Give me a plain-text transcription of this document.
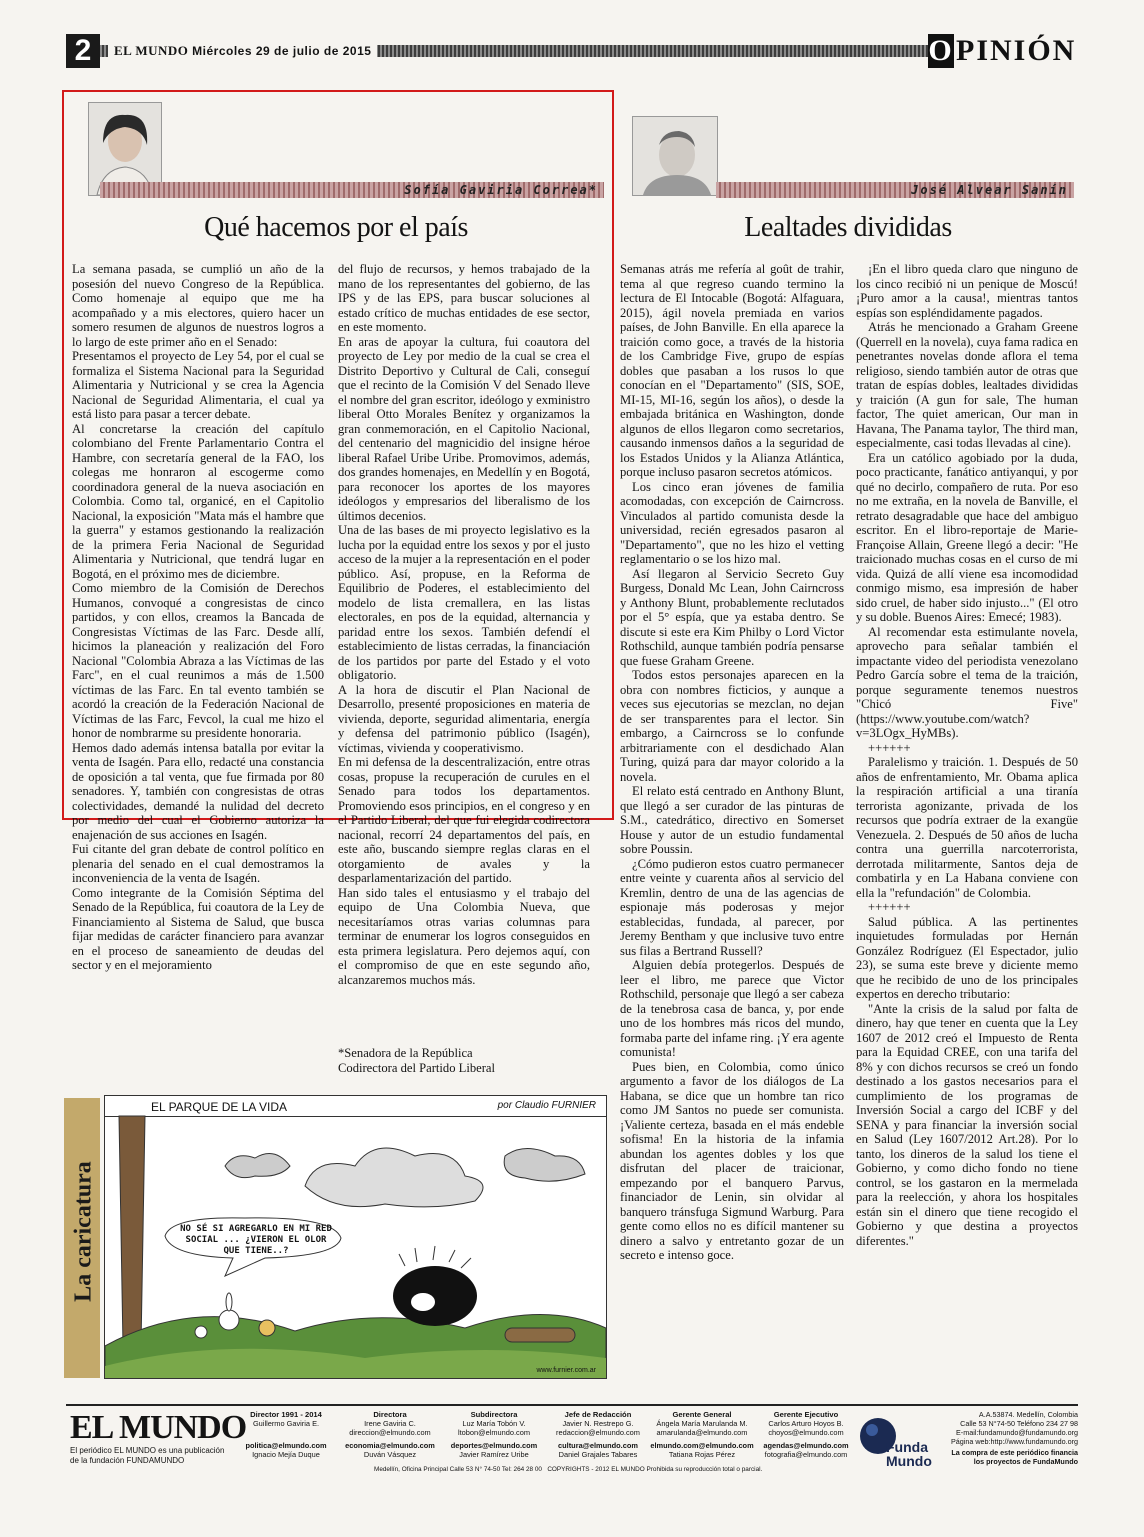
2	EL MUNDO Miércoles 29 de julio de 2015	OPINIÓN
Sofía Gaviria Correa*
Qué hacemos por el país

La semana pasada, se cumplió un año de la posesión del nuevo Congreso de la República. Como homenaje al equipo que me ha acompañado y a mis electores, quiero hacer un somero resumen de algunos de nuestros logros a lo largo de este primer año en el Senado:

Presentamos el proyecto de Ley 54, por el cual se formaliza el Sistema Nacional para la Seguridad Alimentaria y Nutricional y se crea la Agencia Nacional de Seguridad Alimentaria, el cual ya está listo para pasar a tercer debate.

Al concretarse la creación del capítulo colombiano del Frente Parlamentario Contra el Hambre, con secretaría general de la FAO, los colegas me honraron al escogerme como coordinadora general de la nueva asociación en Colombia. Como tal, organicé, en el Capitolio Nacional, la exposición "Mata más el hambre que la guerra" y estamos gestionando la realización de la primera Feria Nacional de Seguridad Alimentaria y Nutricional, que tendrá lugar en Bogotá, en el próximo mes de diciembre.

Como miembro de la Comisión de Derechos Humanos, convoqué a congresistas de cinco partidos, y con ellos, creamos la Bancada de Congresistas Víctimas de las Farc. Desde allí, hicimos la planeación y realización del Foro Nacional "Colombia Abraza a las Víctimas de las Farc", en el cual reunimos a más de 1.500 víctimas de las Farc. En tal evento también se acordó la creación de la Federación Nacional de Víctimas de las Farc, Fevcol, la cual me hizo el honor de nombrarme su presidente honoraria.

Hemos dado además intensa batalla por evitar la venta de Isagén. Para ello, redacté una constancia de oposición a tal venta, que fue firmada por 80 senadores. Y, también con congresistas de otras colectividades, demandé la nulidad del decreto por medio del cual el Gobierno autoriza la enajenación de sus acciones en Isagén.

Fui citante del gran debate de control político en plenaria del senado en el cual demostramos la inconveniencia de la venta de Isagén.

Como integrante de la Comisión Séptima del Senado de la República, fui coautora de la Ley de Financiamiento al Sistema de Salud, que busca fijar medidas de carácter financiero para avanzar en el proceso de saneamiento de deudas del sector y en el mejoramiento

del flujo de recursos, y hemos trabajado de la mano de los representantes del gobierno, de las IPS y de las EPS, para buscar soluciones al estado crítico de muchas entidades de ese sector, en este momento.

En aras de apoyar la cultura, fui coautora del proyecto de Ley por medio de la cual se crea el Distrito Deportivo y Cultural de Cali, conseguí que el recinto de la Comisión V del Senado lleve el nombre del gran escritor, ideólogo y exministro liberal Otto Morales Benítez y organizamos la gran conmemoración, en el Capitolio Nacional, del centenario del magnicidio del insigne héroe liberal Rafael Uribe Uribe. Promovimos, además, dos grandes homenajes, en Medellín y en Bogotá, para reconocer los aportes de los mayores ideólogos y empresarios del liberalismo de los últimos decenios.

Una de las bases de mi proyecto legislativo es la lucha por la equidad entre los sexos y por el justo acceso de la mujer a la representación en el poder público. Así, propuse, en la Reforma de Equilibrio de Poderes, el establecimiento del modelo de lista cremallera, en las listas electorales, en pos de la equidad, alternancia y paridad entre los sexos. También defendí el establecimiento de listas cerradas, la financiación de los partidos por parte del Estado y el voto obligatorio.

A la hora de discutir el Plan Nacional de Desarrollo, presenté proposiciones en materia de vivienda, deporte, seguridad alimentaria, energía y defensa del patrimonio público (Isagén), víctimas, vivienda y cooperativismo.

En mi defensa de la descentralización, entre otras cosas, propuse la recuperación de curules en el Senado para todos los departamentos. Promoviendo esos principios, en el congreso y en el Partido Liberal, del que fui elegida codirectora nacional, recorrí 24 departamentos del país, en este año, buscando siempre reglas claras en el otorgamiento de avales y la desparlamentarización del partido.

Han sido tales el entusiasmo y el trabajo del equipo de Una Colombia Nueva, que necesitaríamos otras varias columnas para terminar de enumerar los logros conseguidos en esta primera legislatura. Pero dejemos aquí, con el compromiso de que en este segundo año, alcanzaremos muchos más.

*Senadora de la República
Codirectora del Partido Liberal
José Alvear Sanín
Lealtades divididas

Semanas atrás me refería al goût de trahir, tema al que regreso cuando termino la lectura de El Intocable (Bogotá: Alfaguara, 2015), ágil novela premiada en varios países, de John Banville. En ella aparece la traición como goce, a través de la historia de los Cambridge Five, grupo de espías dobles que pasaban a los rusos lo que conocían en el "Departamento" (SIS, SOE, MI-15, MI-16, según los años), o desde la embajada británica en Washington, donde algunos de ellos llegaron como secretarios, causando inmensos daños a la seguridad de los Estados Unidos y la Alianza Atlántica, porque incluso pasaron secretos atómicos.

Los cinco eran jóvenes de familia acomodadas, con excepción de Cairncross. Vinculados al partido comunista desde la universidad, recién egresados pasaron al "Departamento", que no les hizo el vetting reglamentario o se los hizo mal.

Así llegaron al Servicio Secreto Guy Burgess, Donald Mc Lean, John Cairncross y Anthony Blunt, probablemente reclutados por el 5° espía, que ya estaba dentro. Se discute si este era Kim Philby o Lord Victor Rothschild, aunque también podría pensarse que fuese Graham Greene.

Todos estos personajes aparecen en la obra con nombres ficticios, y aunque a veces sus ejecutorias se mezclan, no dejan de ser transparentes para el lector. Sin embargo, a Cairncross se lo confunde arbitrariamente con el desdichado Alan Turing, quizá para dar mayor colorido a la novela.

El relato está centrado en Anthony Blunt, que llegó a ser curador de las pinturas de S.M., catedrático, directivo en Somerset House y autor de un estudio fundamental sobre Poussin.

¿Cómo pudieron estos cuatro permanecer entre veinte y cuarenta años al servicio del Kremlin, dentro de una de las agencias de espionaje más poderosas y mejor establecidas, fundada, al parecer, por Jeremy Bentham y que inclusive tuvo entre sus filas a Bertrand Russell?

Alguien debía protegerlos. Después de leer el libro, me parece que Victor Rothschild, personaje que llegó a ser cabeza de la tenebrosa casa de banca, y, por ende uno de los hombres más ricos del mundo, formaba parte del infame ring. ¡Y era agente comunista!

Pues bien, en Colombia, como único argumento a favor de los diálogos de La Habana, se dice que un hombre tan rico como JM Santos no puede ser comunista. ¡Valiente certeza, basada en el más endeble sofisma! En la historia de la infamia abundan los agentes dobles y los que disfrutan del placer de traicionar, empezando por el banquero Parvus, financiador de Lenin, sin olvidar al banquero tránsfuga Sigmund Warburg. Para gente como ellos no es difícil mantener su dinero a salvo y entretanto gozar de un secreto e intenso goce.

¡En el libro queda claro que ninguno de los cinco recibió ni un penique de Moscú! ¡Puro amor a la causa!, mientras tantos espías son espléndidamente pagados.

Atrás he mencionado a Graham Greene (Querrell en la novela), cuya fama radica en penetrantes novelas donde aflora el tema religioso, siendo también autor de otras que tratan de espías dobles, lealtades divididas y traición (A gun for sale, The human factor, The quiet american, Our man in Havana, The Panama taylor, The third man, especialmente, casi todas llevadas al cine).

Era un católico agobiado por la duda, poco practicante, fanático antiyanqui, y por qué no decirlo, compañero de ruta. Por eso no me extraña, en la novela de Banville, el retrato desagradable que hace del ambiguo escritor. En el libro-reportaje de Marie-Françoise Allain, Greene llegó a decir: "He traicionado muchas cosas en el curso de mi vida. Quizá de allí viene esa incomodidad conmigo mismo, esa impresión de haber sido cruel, de haber sido injusto..." (El otro y su doble. Buenos Aires: Emecé; 1983).

Al recomendar esta estimulante novela, aprovecho para señalar también el impactante video del periodista venezolano Pedro García sobre el tema de la traición, porque seguramente tenemos nuestros "Chicó Five" (https://www.youtube.com/watch?v=3LOgx_HyMBs).

++++++

Paralelismo y traición. 1. Después de 50 años de enfrentamiento, Mr. Obama aplica la respiración artificial a una tiranía terrorista agonizante, privada de los recursos que podría extraer de la exangüe Venezuela. 2. Después de 50 años de lucha contra una guerrilla narcoterrorista, derrotada militarmente, Santos deja de combatirla y en La Habana conviene con ella la "refundación" de Colombia.

++++++

Salud pública. A las pertinentes inquietudes formuladas por Hernán González Rodríguez (El Espectador, julio 23), se suma este breve y diciente memo que he recibido de uno de los principales expertos en derecho tributario:

"Ante la crisis de la salud por falta de dinero, hay que tener en cuenta que la Ley 1607 de 2012 creó el Impuesto de Renta para la Equidad CREE, con una tarifa del 8% y con dichos recursos se creó un fondo destinado a los gastos necesarios para el cumplimiento de los programas de Inversión Social a cargo del ICBF y del SENA y para financiar la inversión social en Salud (Ley 1607/2012 Art.28). Por lo tanto, los dineros de la salud los tiene el Gobierno, y como dicho fondo no tiene control, se los gastaron en la mermelada para la reelección, y ahora los hospitales están sin el dinero que tiene recogido el Gobierno y que destina a proyectos diferentes."

La caricatura
EL PARQUE DE LA VIDA	por Claudio FURNIER
NO SÉ SI AGREGARLO EN MI RED SOCIAL ... ¿VIERON EL OLOR QUE TIENE..?
www.furnier.com.ar
EL MUNDO
El periódico EL MUNDO es una publicación de la fundación FUNDAMUNDO
Director 1991 - 2014
Guillermo Gaviria E.
politica@elmundo.com
Ignacio Mejía Duque
Directora
Irene Gaviria C.
direccion@elmundo.com
economia@elmundo.com
Duván Vásquez
Subdirectora
Luz María Tobón V.
ltobon@elmundo.com
deportes@elmundo.com
Javier Ramírez Uribe
Jefe de Redacción
Javier N. Restrepo G.
redaccion@elmundo.com
cultura@elmundo.com
Daniel Grajales Tabares
Gerente General
Ángela María Marulanda M.
amarulanda@elmundo.com
elmundo.com@elmundo.com
Tatiana Rojas Pérez
Gerente Ejecutivo
Carlos Arturo Hoyos B.
choyos@elmundo.com
agendas@elmundo.com
fotografia@elmundo.com
Medellín, Oficina Principal Calle 53 N° 74-50 Tel: 264 28 00 COPYRIGHTS - 2012 EL MUNDO Prohibida su reproducción total o parcial.
Funda Mundo
A.A.53874. Medellín, Colombia
Calle 53 N°74-50 Teléfono 234 27 98
E-mail:fundamundo@fundamundo.org
Página web:http://www.fundamundo.org
La compra de este periódico financia los proyectos de FundaMundo
